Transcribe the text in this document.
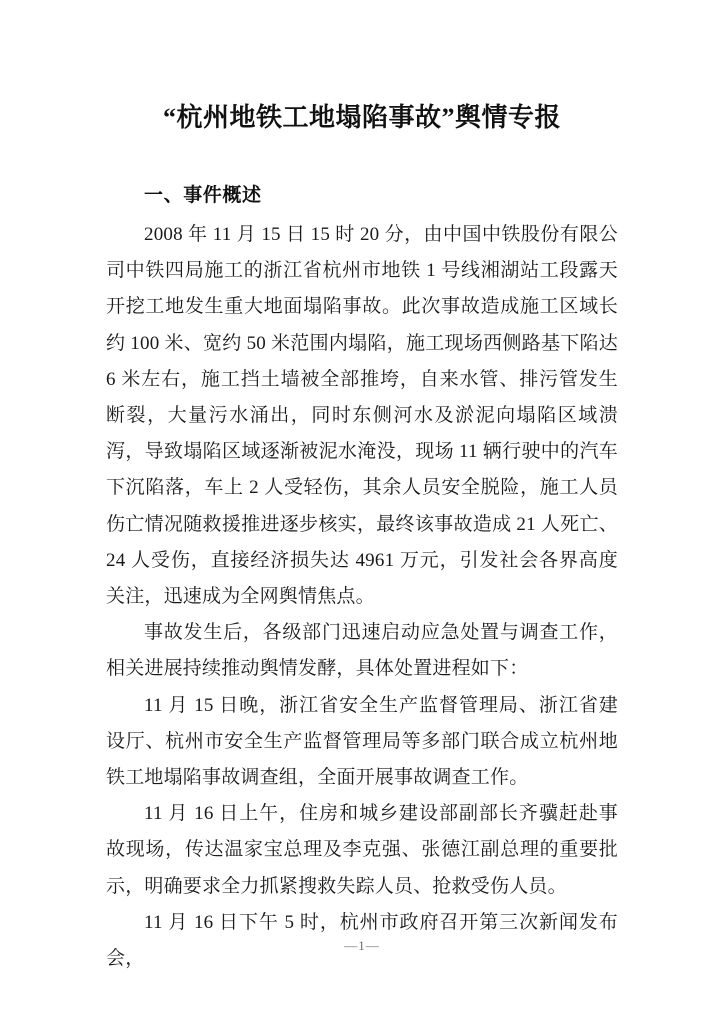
“杭州地铁工地塌陷事故”舆情专报
一、事件概述

2008 年 11 月 15 日 15 时 20 分，由中国中铁股份有限公司中铁四局施工的浙江省杭州市地铁 1 号线湘湖站工段露天开挖工地发生重大地面塌陷事故。此次事故造成施工区域长约 100 米、宽约 50 米范围内塌陷，施工现场西侧路基下陷达 6 米左右，施工挡土墙被全部推垮，自来水管、排污管发生断裂，大量污水涌出，同时东侧河水及淤泥向塌陷区域溃泻，导致塌陷区域逐渐被泥水淹没，现场 11 辆行驶中的汽车下沉陷落，车上 2 人受轻伤，其余人员安全脱险，施工人员伤亡情况随救援推进逐步核实，最终该事故造成 21 人死亡、24 人受伤，直接经济损失达 4961 万元，引发社会各界高度关注，迅速成为全网舆情焦点。

事故发生后，各级部门迅速启动应急处置与调查工作，相关进展持续推动舆情发酵，具体处置进程如下：

11 月 15 日晚，浙江省安全生产监督管理局、浙江省建设厅、杭州市安全生产监督管理局等多部门联合成立杭州地铁工地塌陷事故调查组，全面开展事故调查工作。

11 月 16 日上午，住房和城乡建设部副部长齐骥赶赴事故现场，传达温家宝总理及李克强、张德江副总理的重要批示，明确要求全力抓紧搜救失踪人员、抢救受伤人员。

11 月 16 日下午 5 时，杭州市政府召开第三次新闻发布会，

—1—
